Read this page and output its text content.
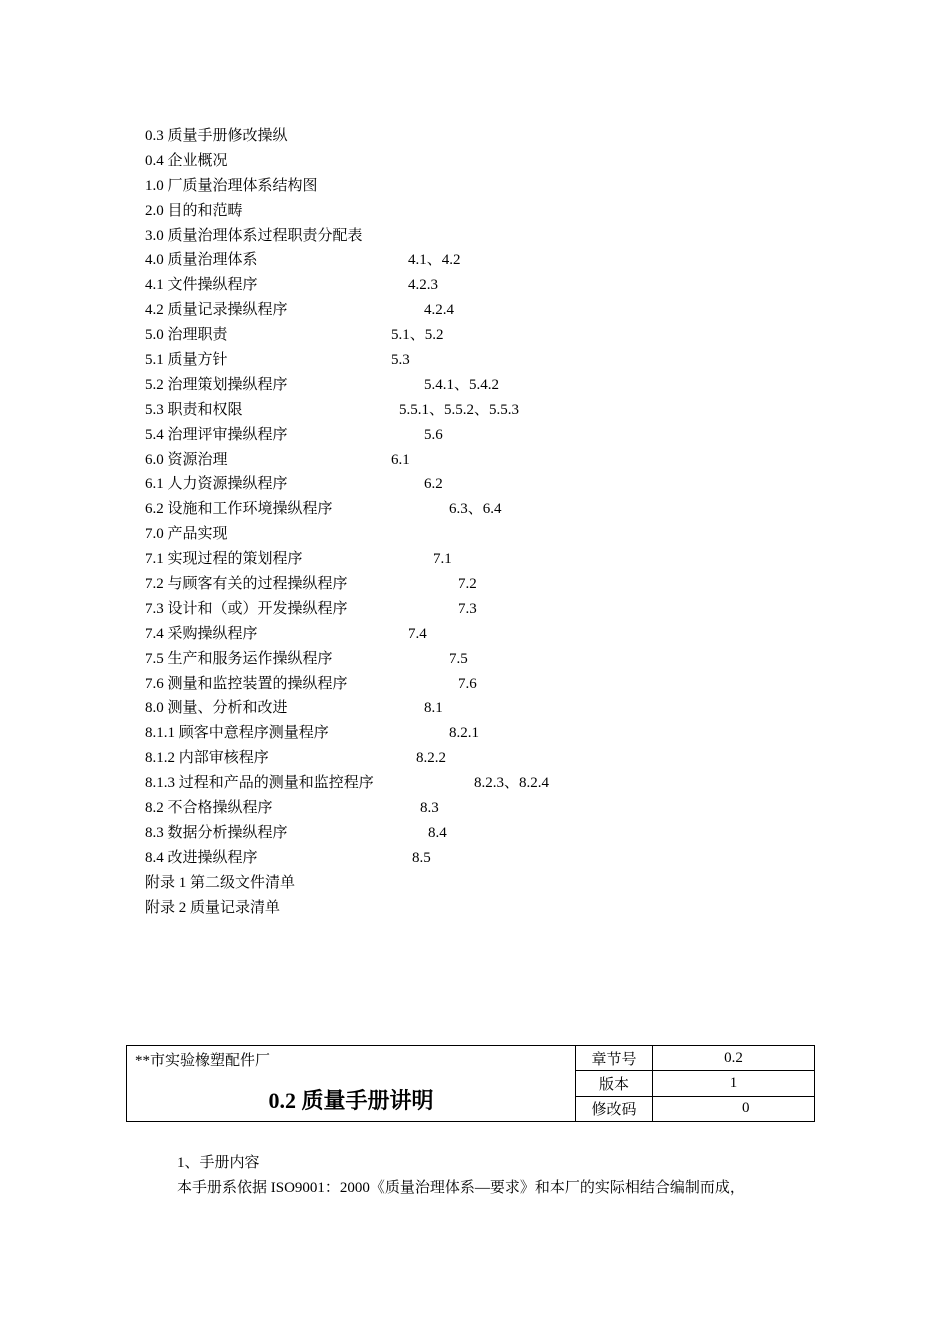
0.3 质量手册修改操纵
0.4 企业概况
1.0 厂质量治理体系结构图
2.0 目的和范畴
3.0 质量治理体系过程职责分配表
4.0 质量治理体系	4.1、4.2
4.1 文件操纵程序	4.2.3
4.2 质量记录操纵程序	4.2.4
5.0 治理职责	5.1、5.2
5.1 质量方针	5.3
5.2 治理策划操纵程序	5.4.1、5.4.2
5.3 职责和权限	5.5.1、5.5.2、5.5.3
5.4 治理评审操纵程序	5.6
6.0 资源治理	6.1
6.1 人力资源操纵程序	6.2
6.2 设施和工作环境操纵程序	6.3、6.4
7.0 产品实现
7.1 实现过程的策划程序	7.1
7.2 与顾客有关的过程操纵程序	7.2
7.3 设计和（或）开发操纵程序	7.3
7.4 采购操纵程序	7.4
7.5 生产和服务运作操纵程序	7.5
7.6 测量和监控装置的操纵程序	7.6
8.0 测量、分析和改进	8.1
8.1.1 顾客中意程序测量程序	8.2.1
8.1.2 内部审核程序	8.2.2
8.1.3 过程和产品的测量和监控程序	8.2.3、8.2.4
8.2 不合格操纵程序	8.3
8.3 数据分析操纵程序	8.4
8.4 改进操纵程序	8.5
附录 1 第二级文件清单
附录 2 质量记录清单
**市实验橡塑配件厂
0.2 质量手册讲明	章节号	0.2
	版本	1
	修改码	0
1、手册内容
本手册系依据 ISO9001：2000《质量治理体系—要求》和本厂的实际相结合编制而成，
